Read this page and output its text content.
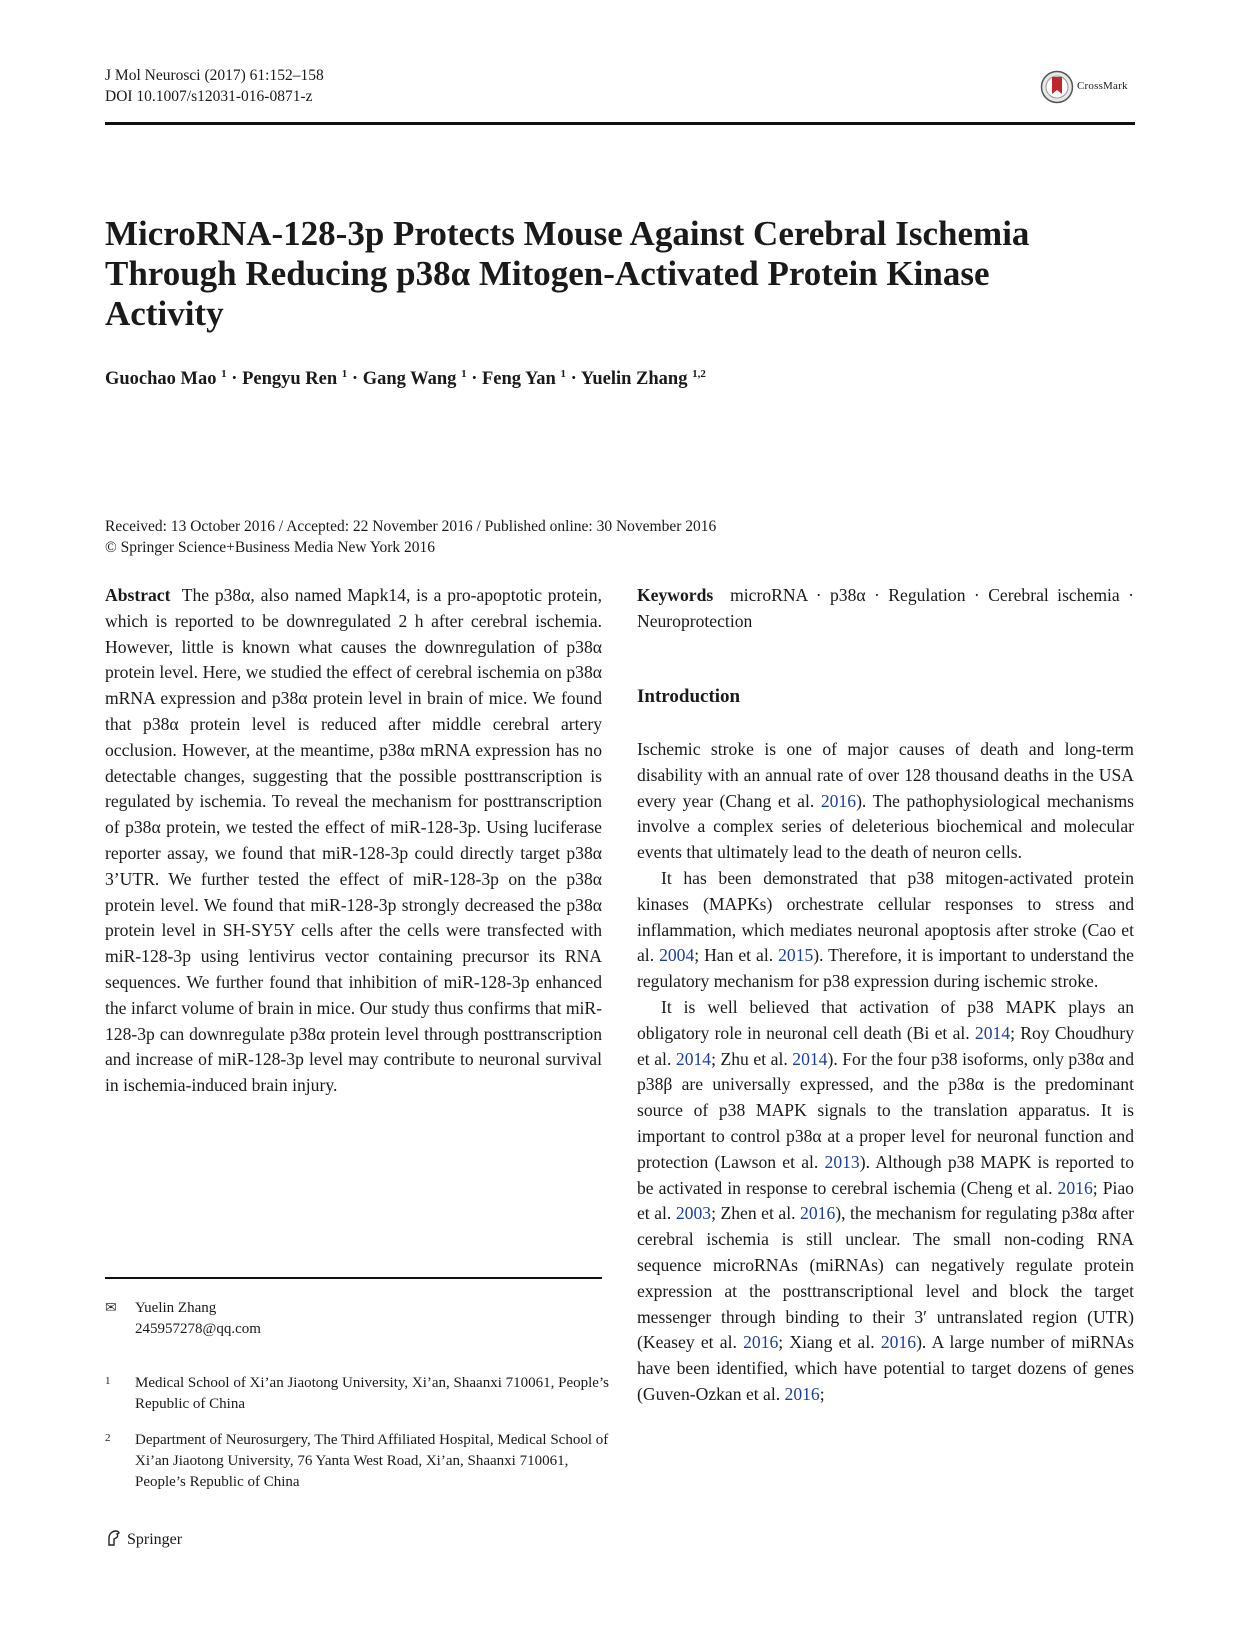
J Mol Neurosci (2017) 61:152–158
DOI 10.1007/s12031-016-0871-z
CrossMark
MicroRNA-128-3p Protects Mouse Against Cerebral Ischemia Through Reducing p38α Mitogen-Activated Protein Kinase Activity
Guochao Mao $^1$ · Pengyu Ren $^1$ · Gang Wang $^1$ · Feng Yan $^1$ · Yuelin Zhang $^{1,2}$
Received: 13 October 2016 / Accepted: 22 November 2016 / Published online: 30 November 2016
© Springer Science+Business Media New York 2016
Abstract The p38α, also named Mapk14, is a pro-apoptotic protein, which is reported to be downregulated 2 h after cerebral ischemia. However, little is known what causes the downregulation of p38α protein level. Here, we studied the effect of cerebral ischemia on p38α mRNA expression and p38α protein level in brain of mice. We found that p38α protein level is reduced after middle cerebral artery occlusion. However, at the meantime, p38α mRNA expression has no detectable changes, suggesting that the possible posttranscription is regulated by ischemia. To reveal the mechanism for posttranscription of p38α protein, we tested the effect of miR-128-3p. Using luciferase reporter assay, we found that miR-128-3p could directly target p38α 3’UTR. We further tested the effect of miR-128-3p on the p38α protein level. We found that miR-128-3p strongly decreased the p38α protein level in SH-SY5Y cells after the cells were transfected with miR-128-3p using lentivirus vector containing precursor its RNA sequences. We further found that inhibition of miR-128-3p enhanced the infarct volume of brain in mice. Our study thus confirms that miR-128-3p can downregulate p38α protein level through posttranscription and increase of miR-128-3p level may contribute to neuronal survival in ischemia-induced brain injury.
Keywords microRNA · p38α · Regulation · Cerebral ischemia · Neuroprotection
Introduction

Ischemic stroke is one of major causes of death and long-term disability with an annual rate of over 128 thousand deaths in the USA every year (Chang et al. 2016). The pathophysiological mechanisms involve a complex series of deleterious biochemical and molecular events that ultimately lead to the death of neuron cells.

It has been demonstrated that p38 mitogen-activated protein kinases (MAPKs) orchestrate cellular responses to stress and inflammation, which mediates neuronal apoptosis after stroke (Cao et al. 2004; Han et al. 2015). Therefore, it is important to understand the regulatory mechanism for p38 expression during ischemic stroke.

It is well believed that activation of p38 MAPK plays an obligatory role in neuronal cell death (Bi et al. 2014; Roy Choudhury et al. 2014; Zhu et al. 2014). For the four p38 isoforms, only p38α and p38β are universally expressed, and the p38α is the predominant source of p38 MAPK signals to the translation apparatus. It is important to control p38α at a proper level for neuronal function and protection (Lawson et al. 2013). Although p38 MAPK is reported to be activated in response to cerebral ischemia (Cheng et al. 2016; Piao et al. 2003; Zhen et al. 2016), the mechanism for regulating p38α after cerebral ischemia is still unclear. The small non-coding RNA sequence microRNAs (miRNAs) can negatively regulate protein expression at the posttranscriptional level and block the target messenger through binding to their 3′ untranslated region (UTR) (Keasey et al. 2016; Xiang et al. 2016). A large number of miRNAs have been identified, which have potential to target dozens of genes (Guven-Ozkan et al. 2016;

✉ Yuelin Zhang
245957278@qq.com
1 Medical School of Xi’an Jiaotong University, Xi’an, Shaanxi 710061, People’s Republic of China
2 Department of Neurosurgery, The Third Affiliated Hospital, Medical School of Xi’an Jiaotong University, 76 Yanta West Road, Xi’an, Shaanxi 710061, People’s Republic of China
Springer
